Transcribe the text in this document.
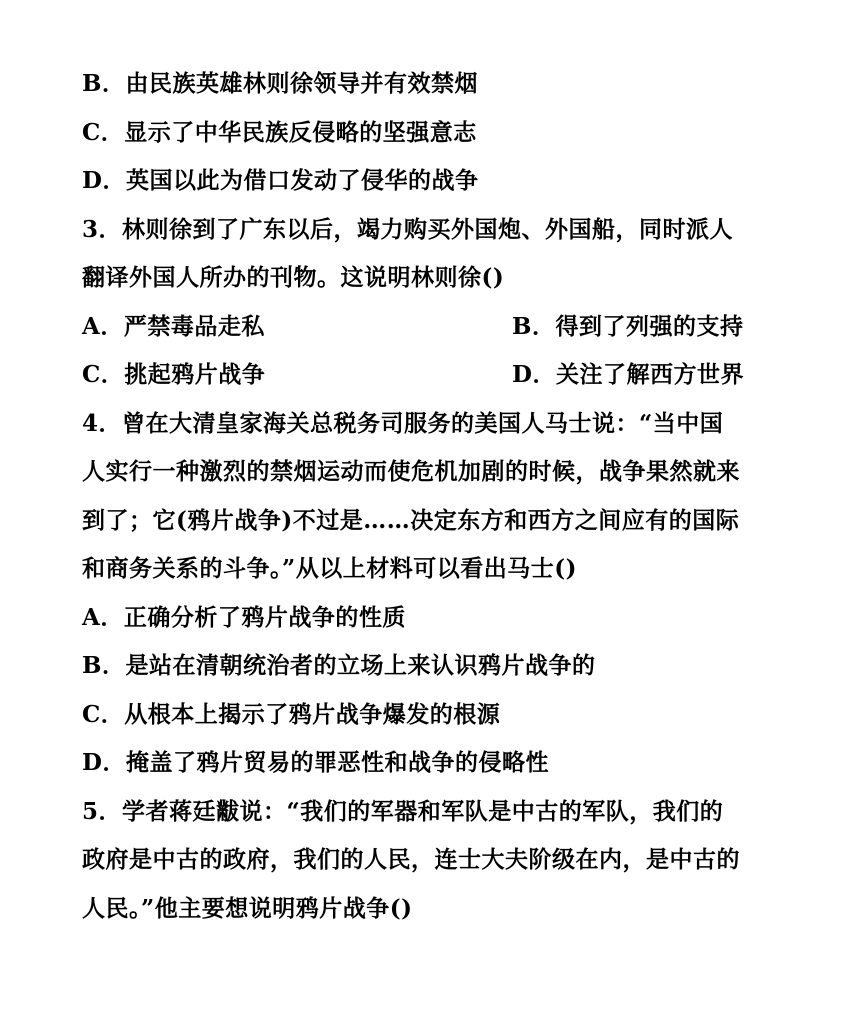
B．由民族英雄林则徐领导并有效禁烟
C．显示了中华民族反侵略的坚强意志
D．英国以此为借口发动了侵华的战争
3．林则徐到了广东以后，竭力购买外国炮、外国船，同时派人
翻译外国人所办的刊物。这说明林则徐()
A．严禁毒品走私	B．得到了列强的支持
C．挑起鸦片战争	D．关注了解西方世界
4．曾在大清皇家海关总税务司服务的美国人马士说：“当中国
人实行一种激烈的禁烟运动而使危机加剧的时候，战争果然就来
到了；它(鸦片战争)不过是……决定东方和西方之间应有的国际
和商务关系的斗争。”从以上材料可以看出马士()
A．正确分析了鸦片战争的性质
B．是站在清朝统治者的立场上来认识鸦片战争的
C．从根本上揭示了鸦片战争爆发的根源
D．掩盖了鸦片贸易的罪恶性和战争的侵略性
5．学者蒋廷黻说：“我们的军器和军队是中古的军队，我们的
政府是中古的政府，我们的人民，连士大夫阶级在内，是中古的
人民。”他主要想说明鸦片战争()
